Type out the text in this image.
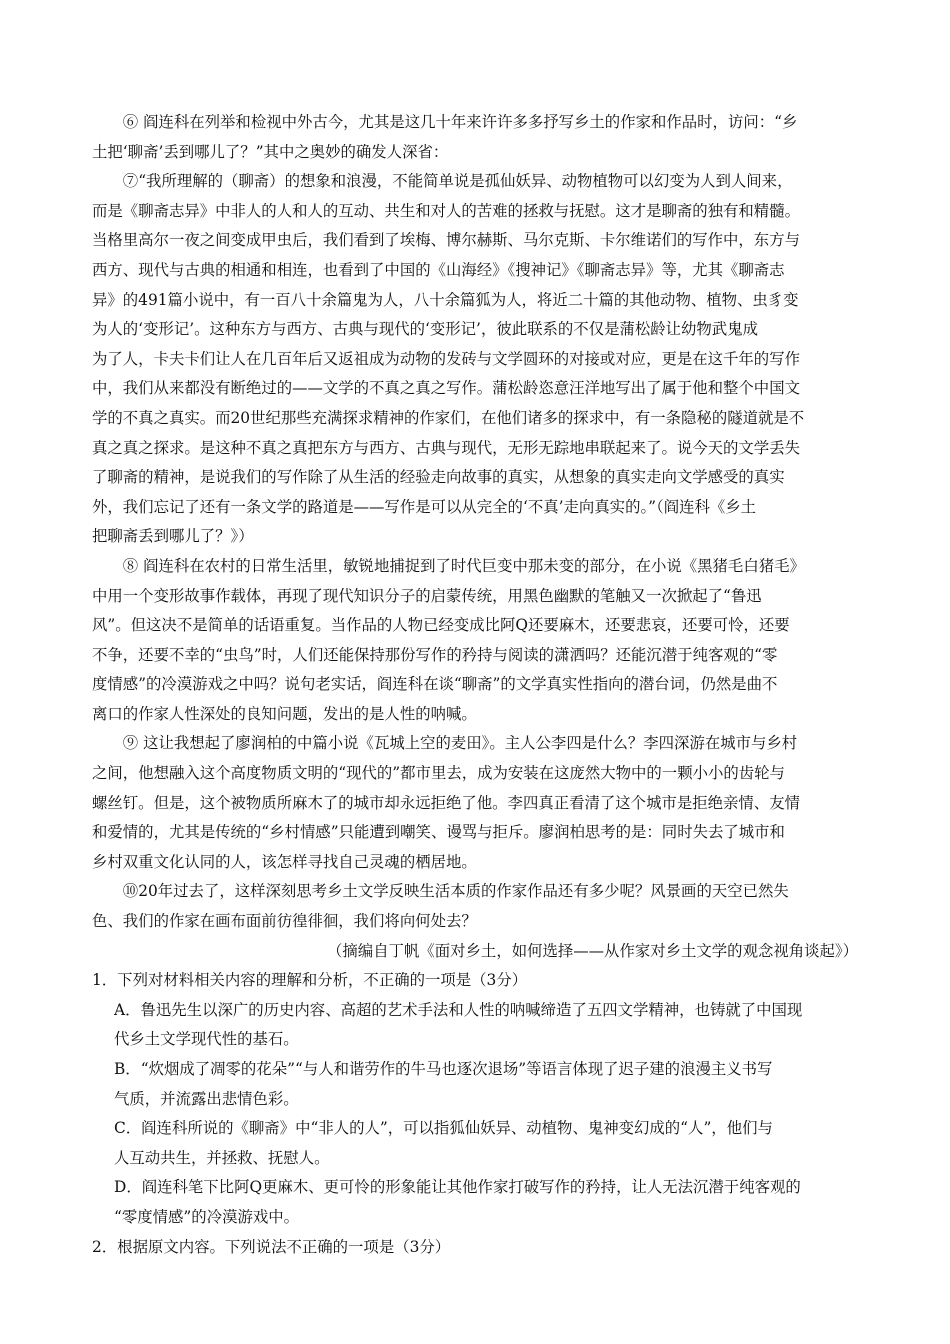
⑥ 阎连科在列举和检视中外古今，尤其是这几十年来许许多多抒写乡土的作家和作品时，访问：“乡
土把‘聊斋’丢到哪儿了？”其中之奥妙的确发人深省：
⑦“我所理解的（聊斋）的想象和浪漫，不能简单说是孤仙妖异、动物植物可以幻变为人到人间来，
而是《聊斋志异》中非人的人和人的互动、共生和对人的苦难的拯救与抚慰。这才是聊斋的独有和精髓。
当格里高尔一夜之间变成甲虫后，我们看到了埃梅、博尔赫斯、马尔克斯、卡尔维诺们的写作中，东方与
西方、现代与古典的相通和相连，也看到了中国的《山海经》《搜神记》《聊斋志异》等，尤其《聊斋志
异》的491篇小说中，有一百八十余篇鬼为人，八十余篇狐为人，将近二十篇的其他动物、植物、虫豸变
为人的‘变形记’。这种东方与西方、古典与现代的‘变形记’，彼此联系的不仅是蒲松龄让幼物武鬼成
为了人，卡夫卡们让人在几百年后又返祖成为动物的发砖与文学圆环的对接或对应，更是在这千年的写作
中，我们从来都没有断绝过的——文学的不真之真之写作。蒲松龄恣意汪洋地写出了属于他和整个中国文
学的不真之真实。而20世纪那些充满探求精神的作家们，在他们诸多的探求中，有一条隐秘的隧道就是不
真之真之探求。是这种不真之真把东方与西方、古典与现代，无形无踪地串联起来了。说今天的文学丢失
了聊斋的精神，是说我们的写作除了从生活的经验走向故事的真实，从想象的真实走向文学感受的真实
外，我们忘记了还有一条文学的路道是——写作是可以从完全的‘不真’走向真实的。”（阎连科《乡土
把聊斋丢到哪儿了？》）
⑧ 阎连科在农村的日常生活里，敏锐地捕捉到了时代巨变中那未变的部分，在小说《黑猪毛白猪毛》
中用一个变形故事作载体，再现了现代知识分子的启蒙传统，用黑色幽默的笔触又一次掀起了“鲁迅
风”。但这决不是简单的话语重复。当作品的人物已经变成比阿Q还要麻木，还要悲哀，还要可怜，还要
不争，还要不幸的“虫鸟”时，人们还能保持那份写作的矜持与阅读的潇洒吗？还能沉潜于纯客观的“零
度情感”的冷漠游戏之中吗？说句老实话，阎连科在谈“聊斋”的文学真实性指向的潜台词，仍然是曲不
离口的作家人性深处的良知问题，发出的是人性的呐喊。
⑨ 这让我想起了廖润柏的中篇小说《瓦城上空的麦田》。主人公李四是什么？李四深游在城市与乡村
之间，他想融入这个高度物质文明的“现代的”都市里去，成为安装在这庞然大物中的一颗小小的齿轮与
螺丝钉。但是，这个被物质所麻木了的城市却永远拒绝了他。李四真正看清了这个城市是拒绝亲情、友情
和爱情的，尤其是传统的“乡村情感”只能遭到嘲笑、谩骂与拒斥。廖润柏思考的是：同时失去了城市和
乡村双重文化认同的人，该怎样寻找自己灵魂的栖居地。
⑩20年过去了，这样深刻思考乡土文学反映生活本质的作家作品还有多少呢？风景画的天空已然失
色、我们的作家在画布面前彷徨徘徊，我们将向何处去？
（摘编自丁帆《面对乡土，如何选择——从作家对乡土文学的观念视角谈起》）
1．下列对材料相关内容的理解和分析，不正确的一项是（3分）
A．鲁迅先生以深广的历史内容、高超的艺术手法和人性的呐喊缔造了五四文学精神，也铸就了中国现
代乡土文学现代性的基石。
B．“炊烟成了凋零的花朵”“与人和谐劳作的牛马也逐次退场”等语言体现了迟子建的浪漫主义书写
气质，并流露出悲情色彩。
C．阎连科所说的《聊斋》中“非人的人”，可以指狐仙妖异、动植物、鬼神变幻成的“人”，他们与
人互动共生，并拯救、抚慰人。
D．阎连科笔下比阿Q更麻木、更可怜的形象能让其他作家打破写作的矜持，让人无法沉潜于纯客观的
“零度情感”的冷漠游戏中。
2．根据原文内容。下列说法不正确的一项是（3分）
